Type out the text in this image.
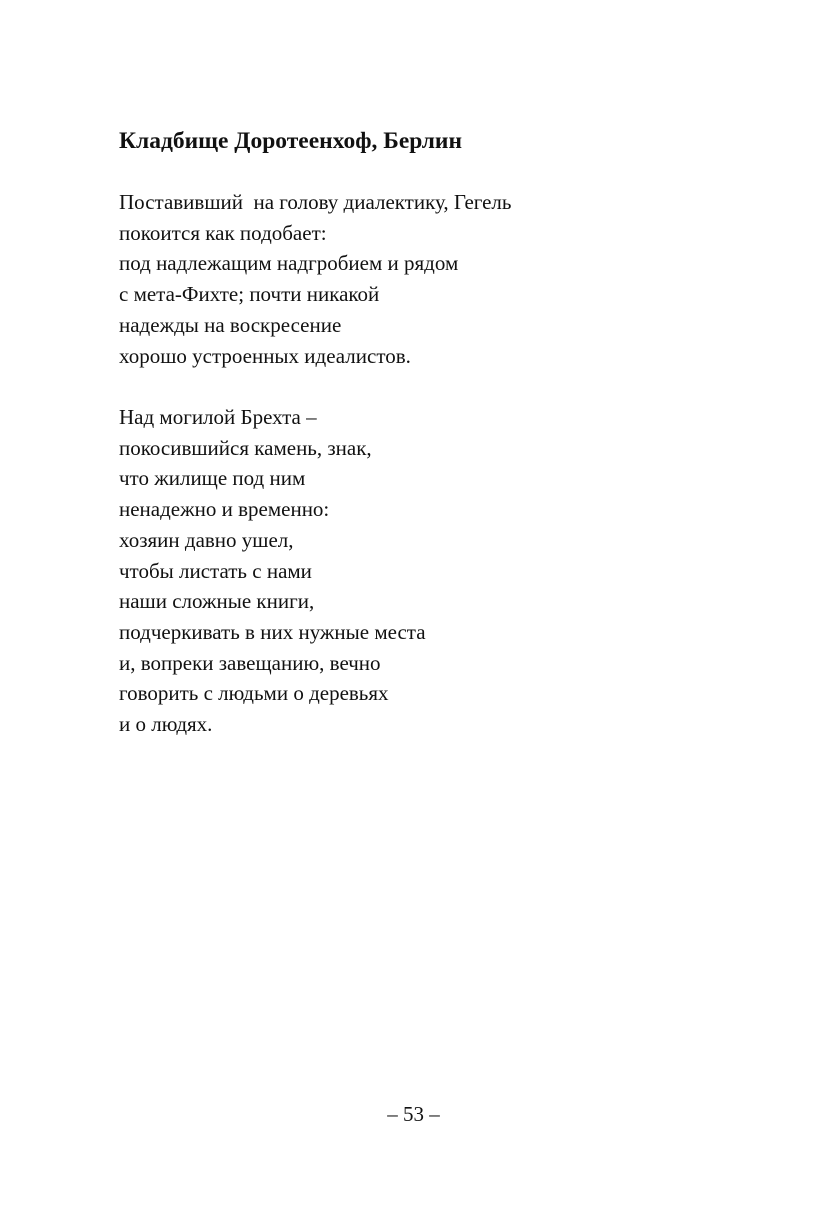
Кладбище Доротеенхоф, Берлин
Поставивший  на голову диалектику, Гегель
покоится как подобает:
под надлежащим надгробием и рядом
с мета-Фихте; почти никакой
надежды на воскресение
хорошо устроенных идеалистов.
Над могилой Брехта –
покосившийся камень, знак,
что жилище под ним
ненадежно и временно:
хозяин давно ушел,
чтобы листать с нами
наши сложные книги,
подчеркивать в них нужные места
и, вопреки завещанию, вечно
говорить с людьми о деревьях
и о людях.
– 53 –
